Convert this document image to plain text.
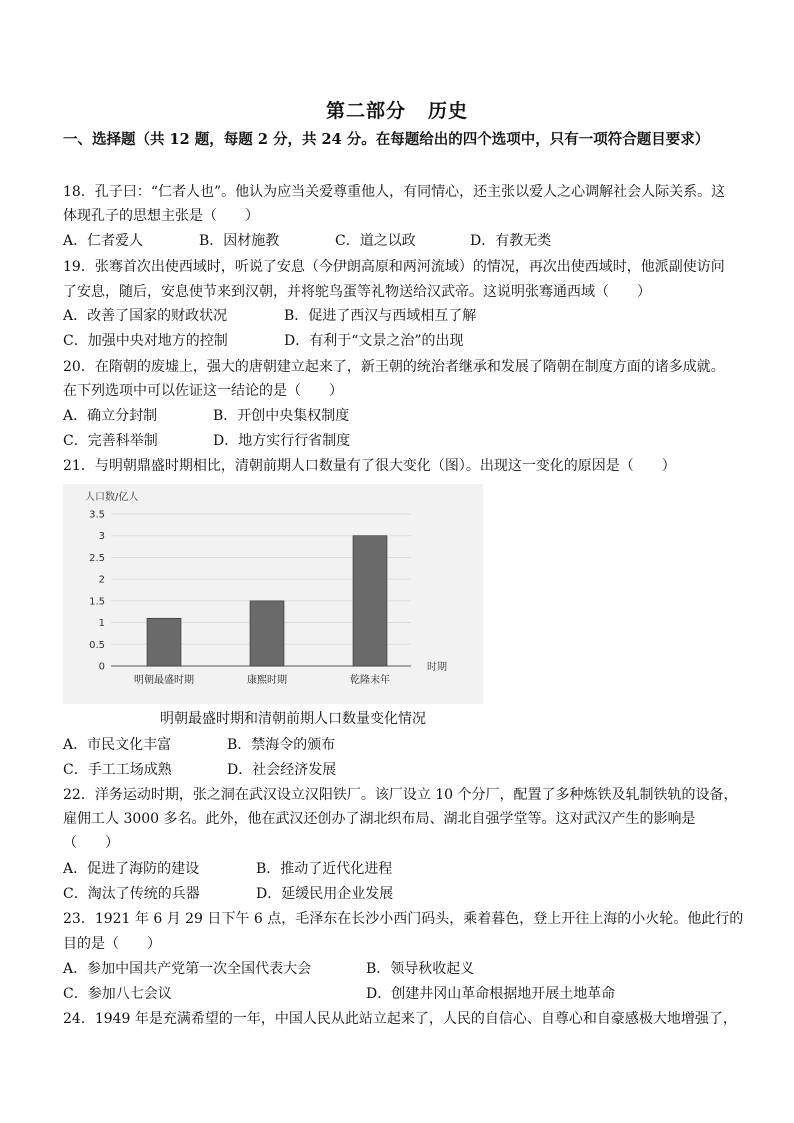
第二部分 历史
一、选择题（共 12 题，每题 2 分，共 24 分。在每题给出的四个选项中，只有一项符合题目要求）
18．孔子曰：“仁者人也”。他认为应当关爱尊重他人，有同情心，还主张以爱人之心调解社会人际关系。这
体现孔子的思想主张是（　　）
A．仁者爱人	B．因材施教	C．道之以政	D．有教无类
19．张骞首次出使西域时，听说了安息（今伊朗高原和两河流域）的情况，再次出使西域时，他派副使访问
了安息，随后，安息使节来到汉朝，并将鸵鸟蛋等礼物送给汉武帝。这说明张骞通西域（　　）
A．改善了国家的财政状况	B．促进了西汉与西域相互了解
C．加强中央对地方的控制	D．有利于“文景之治”的出现
20．在隋朝的废墟上，强大的唐朝建立起来了，新王朝的统治者继承和发展了隋朝在制度方面的诸多成就。
在下列选项中可以佐证这一结论的是（　　）
A．确立分封制	B．开创中央集权制度
C．完善科举制	D．地方实行行省制度
21．与明朝鼎盛时期相比，清朝前期人口数量有了很大变化（图）。出现这一变化的原因是（　　）
人口数/亿人
时期
0
0.5
1
1.5
2
2.5
3
3.5
明朝最盛时期	康熙时期	乾隆末年
明朝最盛时期和清朝前期人口数量变化情况
A．市民文化丰富	B．禁海令的颁布
C．手工工场成熟	D．社会经济发展
22．洋务运动时期，张之洞在武汉设立汉阳铁厂。该厂设立 10 个分厂，配置了多种炼铁及轧制铁轨的设备，
雇佣工人 3000 多名。此外，他在武汉还创办了湖北织布局、湖北自强学堂等。这对武汉产生的影响是
（　　）
A．促进了海防的建设	B．推动了近代化进程
C．淘汰了传统的兵器	D．延缓民用企业发展
23．1921 年 6 月 29 日下午 6 点，毛泽东在长沙小西门码头，乘着暮色，登上开往上海的小火轮。他此行的
目的是（　　）
A．参加中国共产党第一次全国代表大会	B．领导秋收起义
C．参加八七会议	D．创建井冈山革命根据地开展土地革命
24．1949 年是充满希望的一年，中国人民从此站立起来了，人民的自信心、自尊心和自豪感极大地增强了，
